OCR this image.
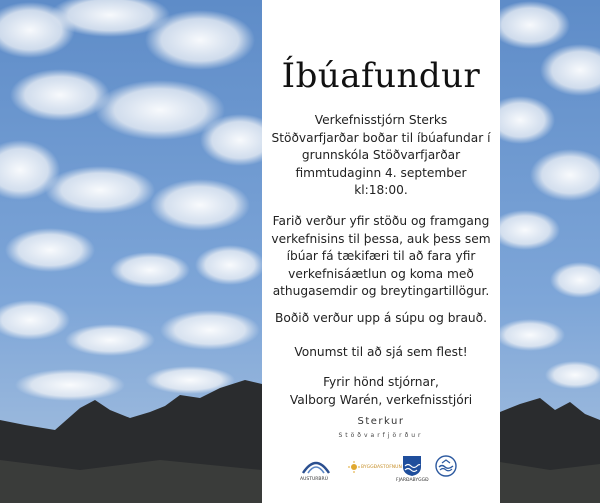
Íbúafundur
Verkefnisstjórn Sterks
Stöðvarfjarðar boðar til íbúafundar í
grunnskóla Stöðvarfjarðar
fimmtudaginn 4. september
kl:18:00.
Farið verður yfir stöðu og framgang
verkefnisins til þessa, auk þess sem
íbúar fá tækifæri til að fara yfir
verkefnisáætlun og koma með
athugasemdir og breytingartillögur.
Boðið verður upp á súpu og brauð.
Vonumst til að sjá sem flest!
Fyrir hönd stjórnar,
Valborg Warén, verkefnisstjóri
Sterkur
Stöðvarfjörður
AUSTURBRÚ
BYGGÐASTOFNUN
FJARÐABYGGÐ
